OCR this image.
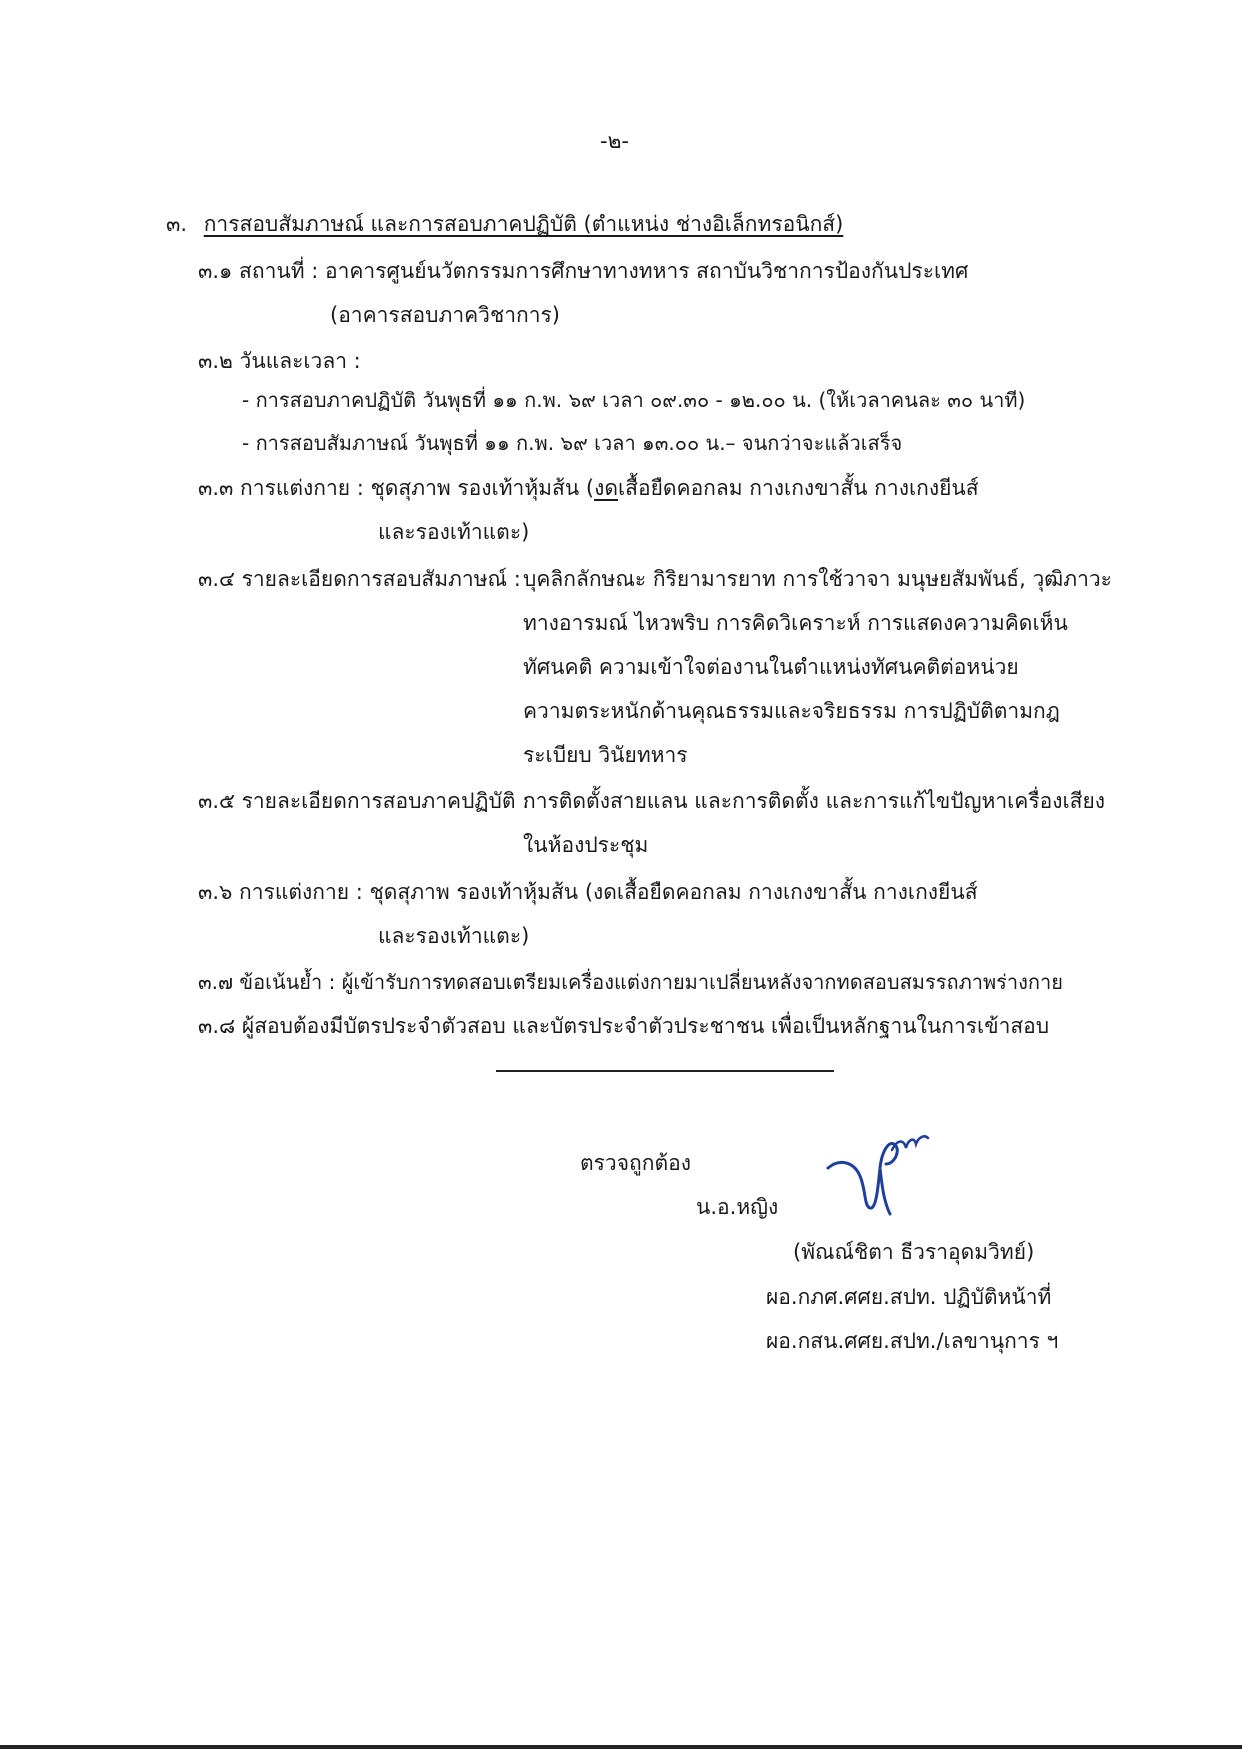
-๒-
๓. การสอบสัมภาษณ์ และการสอบภาคปฏิบัติ (ตำแหน่ง ช่างอิเล็กทรอนิกส์)
๓.๑ สถานที่ : อาคารศูนย์นวัตกรรมการศึกษาทางทหาร สถาบันวิชาการป้องกันประเทศ
(อาคารสอบภาควิชาการ)
๓.๒ วันและเวลา :
- การสอบภาคปฏิบัติ วันพุธที่ ๑๑ ก.พ. ๖๙ เวลา ๐๙.๓๐ - ๑๒.๐๐ น. (ให้เวลาคนละ ๓๐ นาที)
- การสอบสัมภาษณ์ วันพุธที่ ๑๑ ก.พ. ๖๙ เวลา ๑๓.๐๐ น.– จนกว่าจะแล้วเสร็จ
๓.๓ การแต่งกาย : ชุดสุภาพ รองเท้าหุ้มส้น (งดเสื้อยืดคอกลม กางเกงขาสั้น กางเกงยีนส์
และรองเท้าแตะ)
๓.๔ รายละเอียดการสอบสัมภาษณ์ : บุคลิกลักษณะ กิริยามารยาท การใช้วาจา มนุษยสัมพันธ์, วุฒิภาวะ
ทางอารมณ์ ไหวพริบ การคิดวิเคราะห์ การแสดงความคิดเห็น
ทัศนคติ ความเข้าใจต่องานในตำแหน่งทัศนคติต่อหน่วย
ความตระหนักด้านคุณธรรมและจริยธรรม การปฏิบัติตามกฎ
ระเบียบ วินัยทหาร
๓.๕ รายละเอียดการสอบภาคปฏิบัติ :
การติดตั้งสายแลน และการติดตั้ง และการแก้ไขปัญหาเครื่องเสียง
ในห้องประชุม
๓.๖ การแต่งกาย : ชุดสุภาพ รองเท้าหุ้มส้น (งดเสื้อยืดคอกลม กางเกงขาสั้น กางเกงยีนส์
และรองเท้าแตะ)
๓.๗ ข้อเน้นย้ำ : ผู้เข้ารับการทดสอบเตรียมเครื่องแต่งกายมาเปลี่ยนหลังจากทดสอบสมรรถภาพร่างกาย
๓.๘ ผู้สอบต้องมีบัตรประจำตัวสอบ และบัตรประจำตัวประชาชน เพื่อเป็นหลักฐานในการเข้าสอบ
ตรวจถูกต้อง
น.อ.หญิง
(พัณณ์ชิตา ธีวราอุดมวิทย์)
ผอ.กภศ.ศศย.สปท. ปฏิบัติหน้าที่
ผอ.กสน.ศศย.สปท./เลขานุการ ฯ
